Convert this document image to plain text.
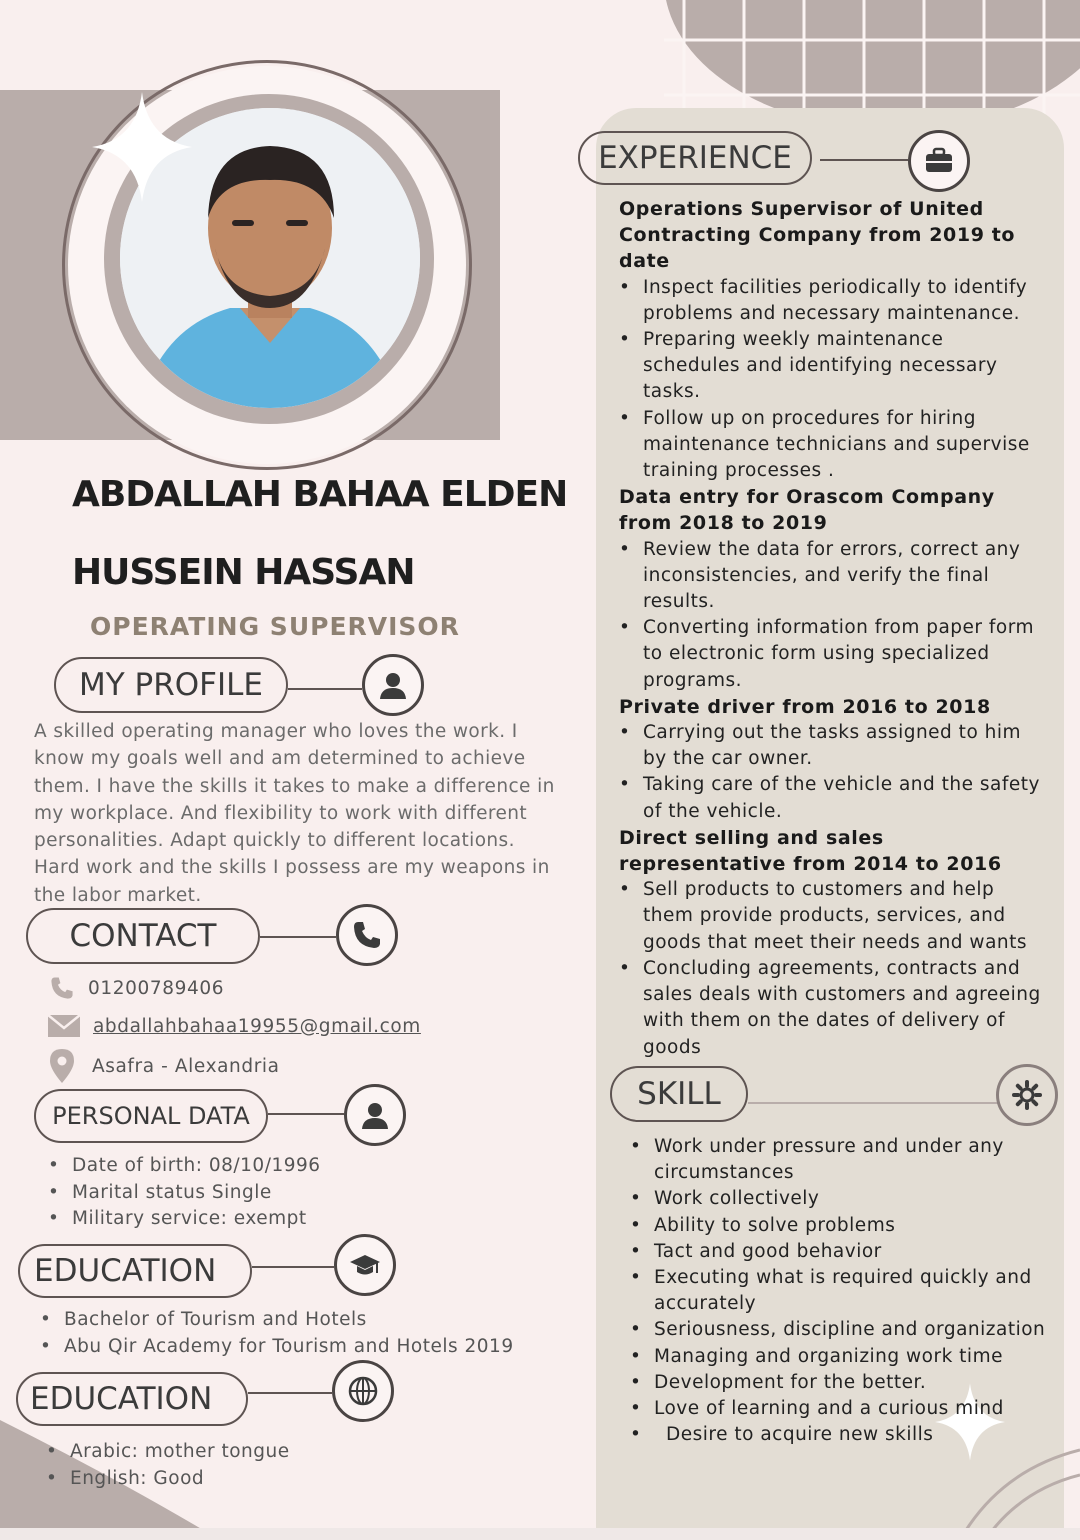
ABDALLAH BAHAA ELDEN
HUSSEIN HASSAN
OPERATING SUPERVISOR
MY PROFILE
A skilled operating manager who loves the work. I know my goals well and am determined to achieve them. I have the skills it takes to make a difference in my workplace. And flexibility to work with different personalities. Adapt quickly to different locations. Hard work and the skills I possess are my weapons in the labor market.
CONTACT
01200789406
abdallahbahaa19955@gmail.com
Asafra - Alexandria
PERSONAL DATA
• Date of birth: 08/10/1996
• Marital status Single
• Military service: exempt
EDUCATION
• Bachelor of Tourism and Hotels
• Abu Qir Academy for Tourism and Hotels 2019
EDUCATION
• Arabic: mother tongue
• English: Good
EXPERIENCE
Operations Supervisor of United Contracting Company from 2019 to date
• Inspect facilities periodically to identify problems and necessary maintenance.
• Preparing weekly maintenance schedules and identifying necessary tasks.
• Follow up on procedures for hiring maintenance technicians and supervise training processes .
Data entry for Orascom Company from 2018 to 2019
• Review the data for errors, correct any inconsistencies, and verify the final results.
• Converting information from paper form to electronic form using specialized programs.
Private driver from 2016 to 2018
• Carrying out the tasks assigned to him by the car owner.
• Taking care of the vehicle and the safety of the vehicle.
Direct selling and sales representative from 2014 to 2016
• Sell products to customers and help them provide products, services, and goods that meet their needs and wants
• Concluding agreements, contracts and sales deals with customers and agreeing with them on the dates of delivery of goods
SKILL
• Work under pressure and under any circumstances
• Work collectively
• Ability to solve problems
• Tact and good behavior
• Executing what is required quickly and accurately
• Seriousness, discipline and organization
• Managing and organizing work time
• Development for the better.
• Love of learning and a curious mind
• Desire to acquire new skills
